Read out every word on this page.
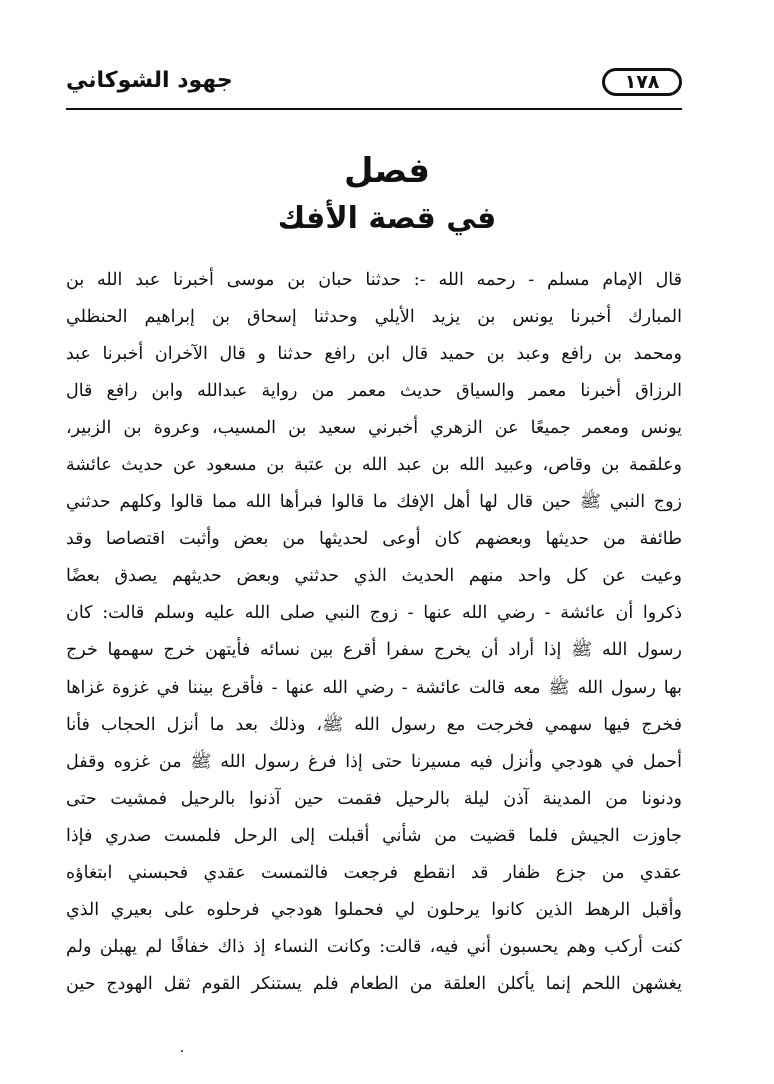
١٧٨
جهود الشوكاني
فصل
في قصة الأفك
قال الإمام مسلم - رحمه الله -: حدثنا حبان بن موسى أخبرنا عبد الله بن
المبارك أخبرنا يونس بن يزيد الأيلي وحدثنا إسحاق بن إبراهيم الحنظلي
ومحمد بن رافع وعبد بن حميد قال ابن رافع حدثنا و قال الآخران أخبرنا عبد
الرزاق أخبرنا معمر والسياق حديث معمر من رواية عبدالله وابن رافع قال
يونس ومعمر جميعًا عن الزهري أخبرني سعيد بن المسيب، وعروة بن الزبير،
وعلقمة بن وقاص، وعبيد الله بن عبد الله بن عتبة بن مسعود عن حديث عائشة
زوج النبي ﷺ حين قال لها أهل الإفك ما قالوا فبرأها الله مما قالوا وكلهم حدثني
طائفة من حديثها وبعضهم كان أوعى لحديثها من بعض وأثبت اقتصاصا وقد
وعيت عن كل واحد منهم الحديث الذي حدثني وبعض حديثهم يصدق بعضًا
ذكروا أن عائشة - رضي الله عنها - زوج النبي صلى الله عليه وسلم قالت: كان
رسول الله ﷺ إذا أراد أن يخرج سفرا أقرع بين نسائه فأيتهن خرج سهمها خرج
بها رسول الله ﷺ معه قالت عائشة - رضي الله عنها - فأقرع بيننا في غزوة غزاها
فخرج فيها سهمي فخرجت مع رسول الله ﷺ، وذلك بعد ما أنزل الحجاب فأنا
أحمل في هودجي وأنزل فيه مسيرنا حتى إذا فرغ رسول الله ﷺ من غزوه وقفل
ودنونا من المدينة آذن ليلة بالرحيل فقمت حين آذنوا بالرحيل فمشيت حتى
جاوزت الجيش فلما قضيت من شأني أقبلت إلى الرحل فلمست صدري فإذا
عقدي من جزع ظفار قد انقطع فرجعت فالتمست عقدي فحبسني ابتغاؤه
وأقبل الرهط الذين كانوا يرحلون لي فحملوا هودجي فرحلوه على بعيري الذي
كنت أركب وهم يحسبون أني فيه، قالت: وكانت النساء إذ ذاك خفافًا لم يهبلن ولم
يغشهن اللحم إنما يأكلن العلقة من الطعام فلم يستنكر القوم ثقل الهودج حين
